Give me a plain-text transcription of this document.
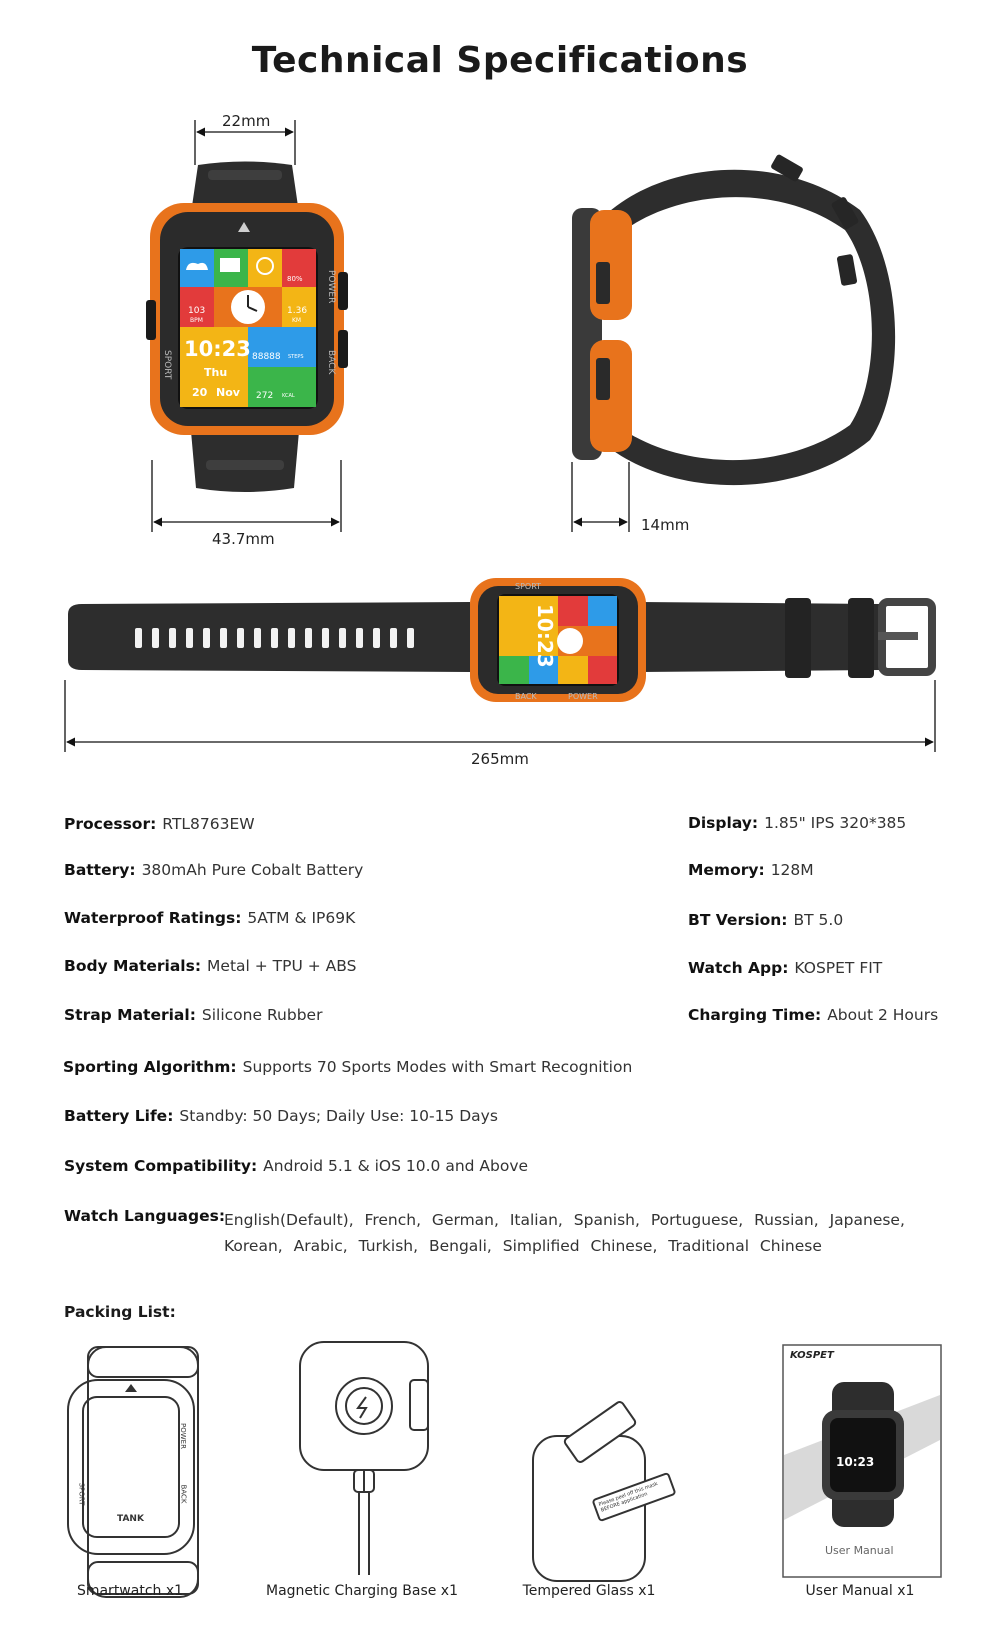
Technical Specifications
SPORT
POWER
BACK
10:23
SPORT
BACK	POWER
10:23
22mm
43.7mm
14mm
265mm
10:23
Thu
20 Nov
103
BPM
80%
1.36
KM
88888 STEPS
272 KCAL
Processor: RTL8763EW
Battery: 380mAh Pure Cobalt Battery
Waterproof Ratings: 5ATM & IP69K
Body Materials: Metal + TPU + ABS
Strap Material: Silicone Rubber
Display: 1.85" IPS 320*385
Memory: 128M
BT Version: BT 5.0
Watch App: KOSPET FIT
Charging Time: About 2 Hours
Sporting Algorithm: Supports 70 Sports Modes with Smart Recognition
Battery Life: Standby: 50 Days; Daily Use: 10-15 Days
System Compatibility: Android 5.1 & iOS 10.0 and Above
Watch Languages:
English(Default), French, German, Italian, Spanish, Portuguese, Russian, Japanese, Korean, Arabic, Turkish, Bengali, Simplified Chinese, Traditional Chinese
Packing List:
TANK
SPORT	BACK
POWER
Please peel off this mask BEFORE application
KOSPET
User Manual
Smartwatch x1	Magnetic Charging Base x1	Tempered Glass x1	User Manual x1
